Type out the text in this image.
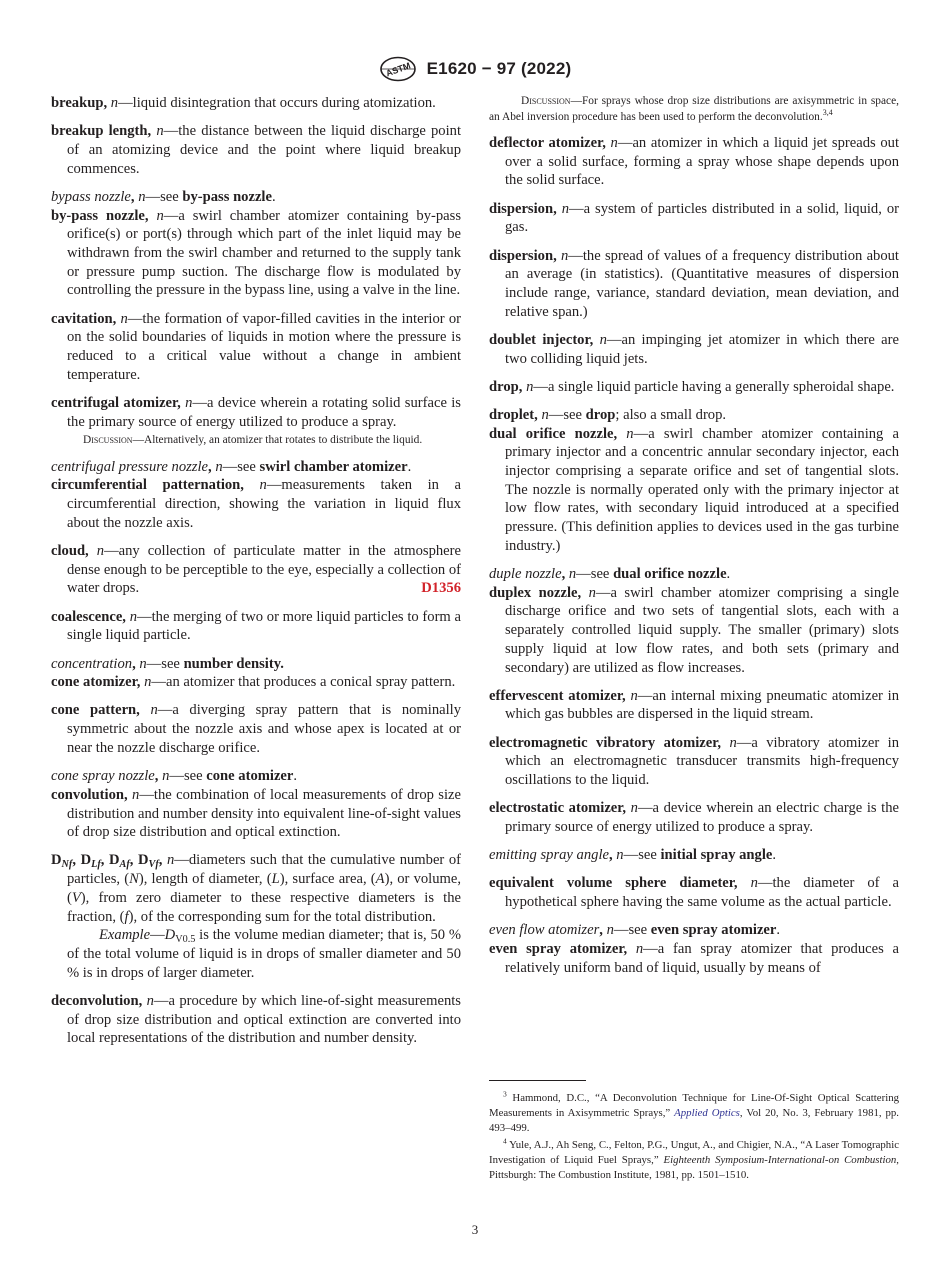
ASTM E1620 − 97 (2022)

breakup, n—liquid disintegration that occurs during atomization.

breakup length, n—the distance between the liquid discharge point of an atomizing device and the point where liquid breakup commences.

bypass nozzle, n—see by-pass nozzle.

by-pass nozzle, n—a swirl chamber atomizer containing by-pass orifice(s) or port(s) through which part of the inlet liquid may be withdrawn from the swirl chamber and returned to the supply tank or pressure pump suction. The discharge flow is modulated by controlling the pressure in the bypass line, using a valve in the line.

cavitation, n—the formation of vapor-filled cavities in the interior or on the solid boundaries of liquids in motion where the pressure is reduced to a critical value without a change in ambient temperature.

centrifugal atomizer, n—a device wherein a rotating solid surface is the primary source of energy utilized to produce a spray.

Discussion—Alternatively, an atomizer that rotates to distribute the liquid.

centrifugal pressure nozzle, n—see swirl chamber atomizer.

circumferential patternation, n—measurements taken in a circumferential direction, showing the variation in liquid flux about the nozzle axis.

cloud, n—any collection of particulate matter in the atmosphere dense enough to be perceptible to the eye, especially a collection of water drops.	D1356

coalescence, n—the merging of two or more liquid particles to form a single liquid particle.

concentration, n—see number density.

cone atomizer, n—an atomizer that produces a conical spray pattern.

cone pattern, n—a diverging spray pattern that is nominally symmetric about the nozzle axis and whose apex is located at or near the nozzle discharge orifice.

cone spray nozzle, n—see cone atomizer.

convolution, n—the combination of local measurements of drop size distribution and number density into equivalent line-of-sight values of drop size distribution and optical extinction.

$D_{Nf}$, $D_{Lf}$, $D_{Af}$, $D_{Vf}$, n—diameters such that the cumulative number of particles, (N), length of diameter, (L), surface area, (A), or volume, (V), from zero diameter to these respective diameters is the fraction, (f), of the corresponding sum for the total distribution.

$Example—D_{V0.5}$ is the volume median diameter; that is, 50 % of the total volume of liquid is in drops of smaller diameter and 50 % is in drops of larger diameter.

deconvolution, n—a procedure by which line-of-sight measurements of drop size distribution and optical extinction are converted into local representations of the distribution and number density.

Discussion—For sprays whose drop size distributions are axisymmetric in space, an Abel inversion procedure has been used to perform the deconvolution.$^{3,4}$

deflector atomizer, n—an atomizer in which a liquid jet spreads out over a solid surface, forming a spray whose shape depends upon the solid surface.

dispersion, n—a system of particles distributed in a solid, liquid, or gas.

dispersion, n—the spread of values of a frequency distribution about an average (in statistics). (Quantitative measures of dispersion include range, variance, standard deviation, mean deviation, and relative span.)

doublet injector, n—an impinging jet atomizer in which there are two colliding liquid jets.

drop, n—a single liquid particle having a generally spheroidal shape.

droplet, n—see drop; also a small drop.

dual orifice nozzle, n—a swirl chamber atomizer containing a primary injector and a concentric annular secondary injector, each injector comprising a separate orifice and set of tangential slots. The nozzle is normally operated only with the primary injector at low flow rates, with secondary liquid introduced at a specified pressure. (This definition applies to devices used in the gas turbine industry.)

duple nozzle, n—see dual orifice nozzle.

duplex nozzle, n—a swirl chamber atomizer comprising a single discharge orifice and two sets of tangential slots, each with a separately controlled liquid supply. The smaller (primary) slots supply liquid at low flow rates, and both sets (primary and secondary) are utilized as flow increases.

effervescent atomizer, n—an internal mixing pneumatic atomizer in which gas bubbles are dispersed in the liquid stream.

electromagnetic vibratory atomizer, n—a vibratory atomizer in which an electromagnetic transducer transmits high-frequency oscillations to the liquid.

electrostatic atomizer, n—a device wherein an electric charge is the primary source of energy utilized to produce a spray.

emitting spray angle, n—see initial spray angle.

equivalent volume sphere diameter, n—the diameter of a hypothetical sphere having the same volume as the actual particle.

even flow atomizer, n—see even spray atomizer.

even spray atomizer, n—a fan spray atomizer that produces a relatively uniform band of liquid, usually by means of

$^3$ Hammond, D.C., “A Deconvolution Technique for Line-Of-Sight Optical Scattering Measurements in Axisymmetric Sprays,” Applied Optics, Vol 20, No. 3, February 1981, pp. 493–499.

$^4$ Yule, A.J., Ah Seng, C., Felton, P.G., Ungut, A., and Chigier, N.A., “A Laser Tomographic Investigation of Liquid Fuel Sprays,” Eighteenth Symposium-International-on Combustion, Pittsburgh: The Combustion Institute, 1981, pp. 1501–1510.

3
